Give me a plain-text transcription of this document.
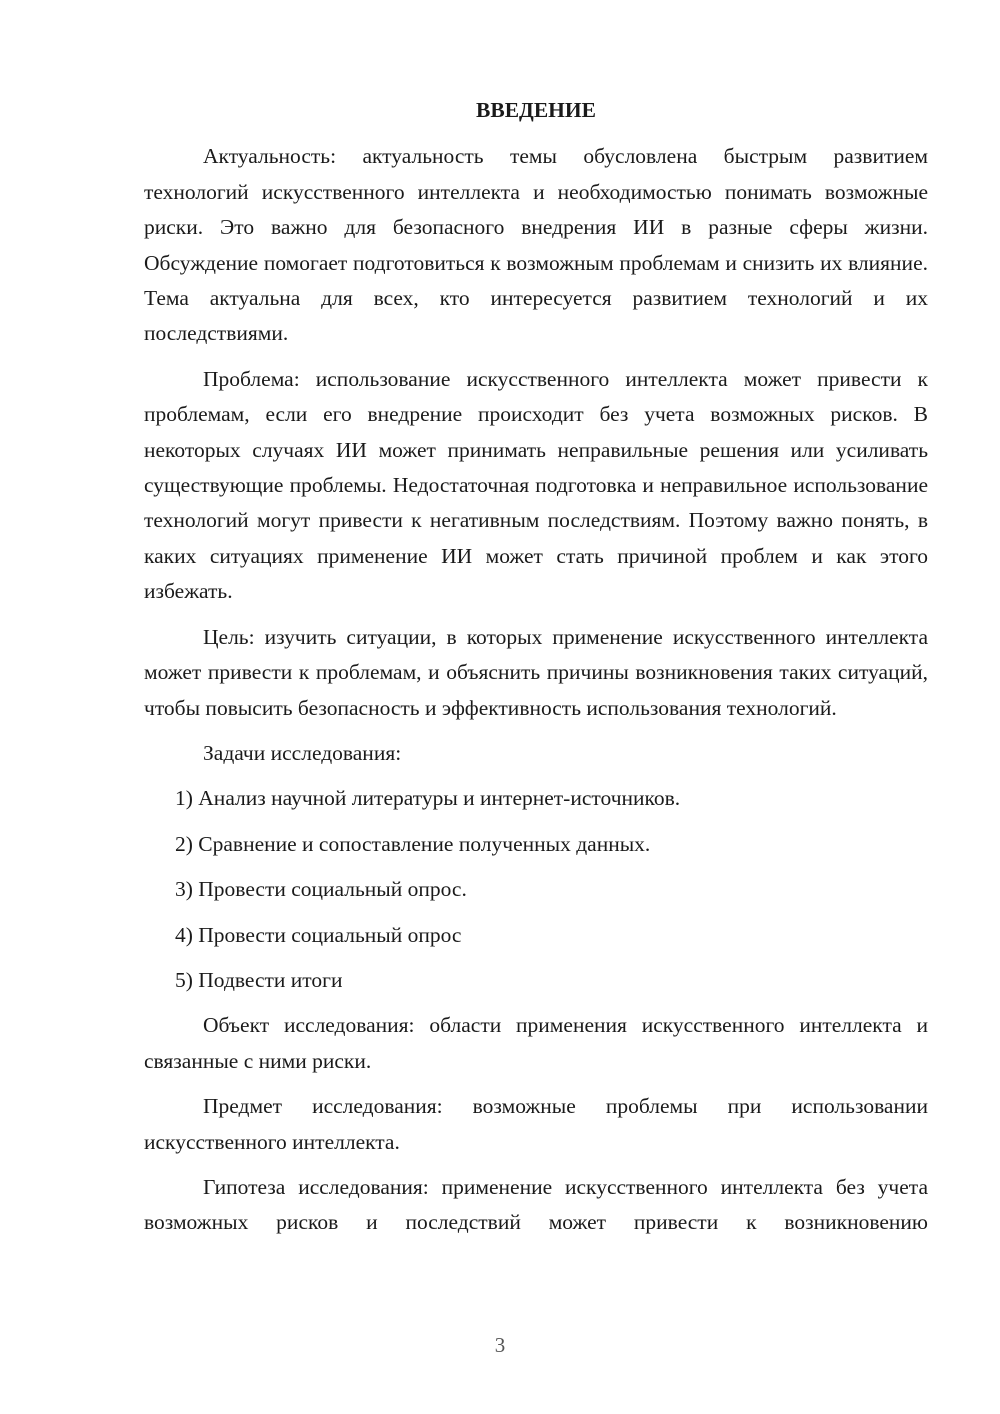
ВВЕДЕНИЕ
Актуальность: актуальность темы обусловлена быстрым развитием технологий искусственного интеллекта и необходимостью понимать возможные риски. Это важно для безопасного внедрения ИИ в разные сферы жизни. Обсуждение помогает подготовиться к возможным проблемам и снизить их влияние. Тема актуальна для всех, кто интересуется развитием технологий и их последствиями.
Проблема: использование искусственного интеллекта может привести к проблемам, если его внедрение происходит без учета возможных рисков. В некоторых случаях ИИ может принимать неправильные решения или усиливать существующие проблемы. Недостаточная подготовка и неправильное использование технологий могут привести к негативным последствиям. Поэтому важно понять, в каких ситуациях применение ИИ может стать причиной проблем и как этого избежать.
Цель: изучить ситуации, в которых применение искусственного интеллекта может привести к проблемам, и объяснить причины возникновения таких ситуаций, чтобы повысить безопасность и эффективность использования технологий.
Задачи исследования:
1) Анализ научной литературы и интернет-источников.
2) Сравнение и сопоставление полученных данных.
3) Провести социальный опрос.
4) Провести социальный опрос
5) Подвести итоги
Объект исследования: области применения искусственного интеллекта и связанные с ними риски.
Предмет исследования: возможные проблемы при использовании искусственного интеллекта.
Гипотеза исследования: применение искусственного интеллекта без учета возможных рисков и последствий может привести к возникновению
3
